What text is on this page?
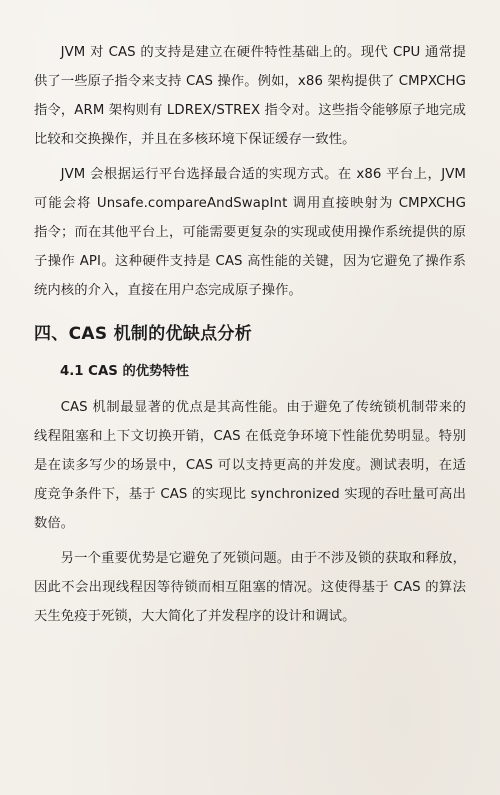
JVM 对 CAS 的支持是建立在硬件特性基础上的。现代 CPU 通常提供了一些原子指令来支持 CAS 操作。例如，x86 架构提供了 CMPXCHG 指令，ARM 架构则有 LDREX/STREX 指令对。这些指令能够原子地完成比较和交换操作，并且在多核环境下保证缓存一致性。

JVM 会根据运行平台选择最合适的实现方式。在 x86 平台上，JVM 可能会将 Unsafe.compareAndSwapInt 调用直接映射为 CMPXCHG 指令；而在其他平台上，可能需要更复杂的实现或使用操作系统提供的原子操作 API。这种硬件支持是 CAS 高性能的关键，因为它避免了操作系统内核的介入，直接在用户态完成原子操作。

四、CAS 机制的优缺点分析
4.1 CAS 的优势特性

CAS 机制最显著的优点是其高性能。由于避免了传统锁机制带来的线程阻塞和上下文切换开销，CAS 在低竞争环境下性能优势明显。特别是在读多写少的场景中，CAS 可以支持更高的并发度。测试表明，在适度竞争条件下，基于 CAS 的实现比 synchronized 实现的吞吐量可高出数倍。

另一个重要优势是它避免了死锁问题。由于不涉及锁的获取和释放，因此不会出现线程因等待锁而相互阻塞的情况。这使得基于 CAS 的算法天生免疫于死锁，大大简化了并发程序的设计和调试。
